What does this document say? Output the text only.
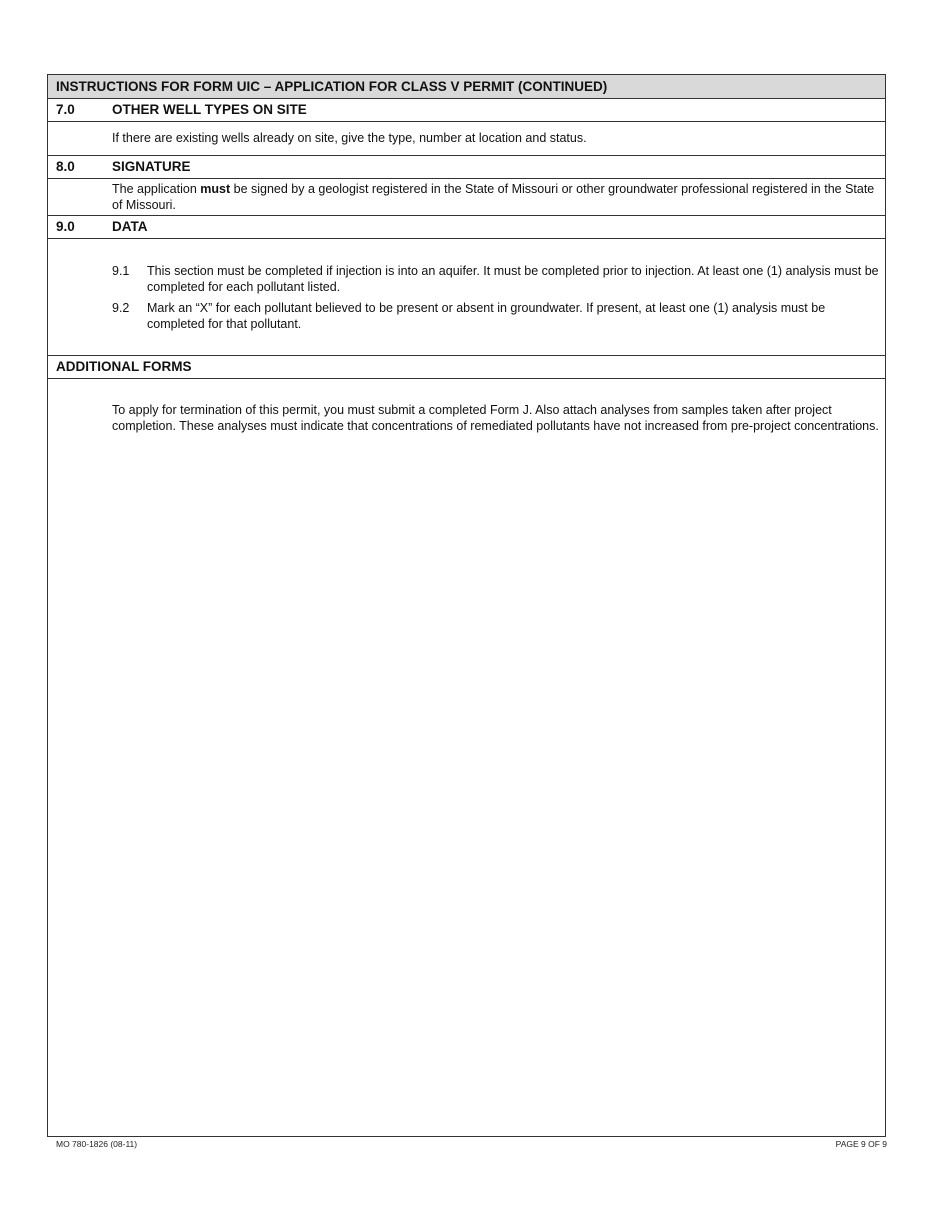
INSTRUCTIONS FOR FORM UIC – APPLICATION FOR CLASS V PERMIT (CONTINUED)
7.0	OTHER WELL TYPES ON SITE
If there are existing wells already on site, give the type, number at location and status.
8.0	SIGNATURE
The application must be signed by a geologist registered in the State of Missouri or other groundwater professional registered in the State of Missouri.
9.0	DATA
9.1	This section must be completed if injection is into an aquifer. It must be completed prior to injection. At least one (1) analysis must be completed for each pollutant listed.
9.2	Mark an “X” for each pollutant believed to be present or absent in groundwater. If present, at least one (1) analysis must be completed for that pollutant.
ADDITIONAL FORMS
To apply for termination of this permit, you must submit a completed Form J. Also attach analyses from samples taken after project completion. These analyses must indicate that concentrations of remediated pollutants have not increased from pre-project concentrations.
MO 780-1826 (08-11)	PAGE 9 OF 9
